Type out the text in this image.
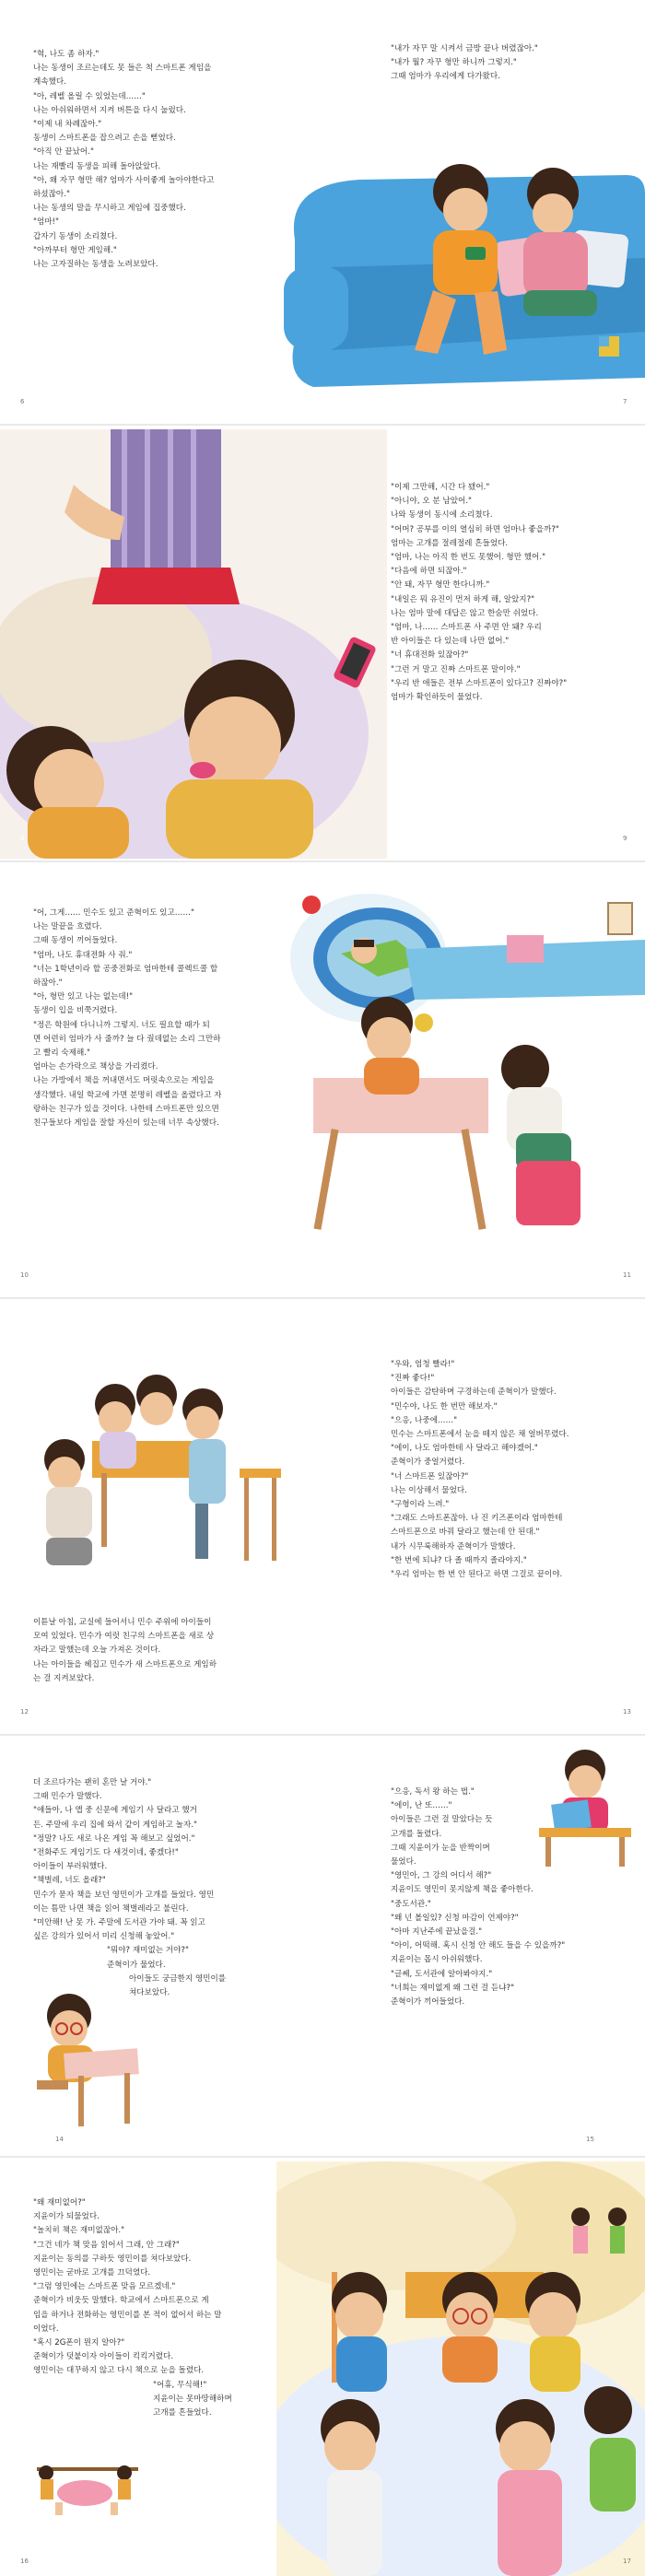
"헉, 나도 좀 하자."

나는 동생이 조르는데도 못 들은 척 스마트폰 게임을

계속했다.

"아, 레벨 올릴 수 있었는데……"

나는 아쉬워하면서 지켜 버튼을 다시 눌렀다.

"이제 내 차례잖아."

동생이 스마트폰을 잡으려고 손을 뻗었다.

"아직 안 끝났어."

나는 재빨리 동생을 피해 돌아앉았다.

"아, 왜 자꾸 형만 해? 엄마가 사이좋게 놀아야한다고

하셨잖아."

나는 동생의 말을 무시하고 게임에 집중했다.

"엄마!"

갑자기 동생이 소리쳤다.

"아까부터 형만 게임해."

나는 고자질하는 동생을 노려보았다.

"내가 자꾸 말 시켜서 금방 끝나 버렸잖아."

"내가 뭘? 자꾸 형만 하니까 그렇지."

그때 엄마가 우리에게 다가왔다.

6	7

"이제 그만해, 시간 다 됐어."

"아니야, 오 분 남았어."

나와 동생이 동시에 소리쳤다.

"어머? 공부를 이의 열심히 하면 엄마나 좋을까?"

엄마는 고개를 절레절레 흔들었다.

"엄마, 나는 아직 한 번도 못했어. 형만 했어."

"다음에 하면 되잖아."

"안 돼, 자꾸 형만 한다니까."

"내일은 뭐 유진이 먼저 하게 해, 알았지?"

나는 엄마 말에 대답은 않고 한숨만 쉬었다.

"엄마, 나…… 스마트폰 사 주면 안 돼? 우리

반 아이들은 다 있는데 나만 없어."

"너 휴대전화 있잖아?"

"그런 거 말고 진짜 스마트폰 말이야."

"우리 반 애들은 전부 스마트폰이 있다고? 진짜야?"

엄마가 확인하듯이 물었다.

8	9

"어, 그게…… 민수도 있고 준혁이도 있고……"

나는 말끝을 흐렸다.

그때 동생이 끼어들었다.

"엄마, 나도 휴대전화 사 줘."

"너는 1학년이라 할 공중전화로 엄마한테 콜렉트콜 할

하잖아."

"아, 형만 있고 나는 없는데!"

동생이 입을 비쭉거렸다.

"정은 학원에 다니니까 그렇지. 너도 필요할 때가 되

면 어련히 엄마가 사 줄까? 늘 다 줬데없는 소리 그만하

고 빨리 숙제해."

엄마는 손가락으로 책상을 가리켰다.

나는 가방에서 책을 꺼내면서도 머릿속으로는 게임을

생각했다. 내일 학교에 가면 분명히 레벨을 올렸다고 자

랑하는 친구가 있을 것이다. 나한테 스마트폰만 있으면

친구들보다 게임을 잘할 자신이 있는데 너무 속상했다.

10	11

이튿날 아침, 교실에 들어서니 민수 주위에 아이들이

모여 있었다. 민수가 여럿 친구의 스마트폰을 새로 상

자라고 말했는데 오늘 가져온 것이다.

나는 아이들을 헤집고 민수가 새 스마트폰으로 게임하

는 걸 지켜보았다.

"우와, 엄청 빨라!"

"진짜 좋다!"

아이들은 감탄하며 구경하는데 준혁이가 말했다.

"민수야, 나도 한 번만 해보자."

"으응, 나중에……"

민수는 스마트폰에서 눈을 떼지 않은 채 얼버무렸다.

"에이, 나도 엄마한테 사 달라고 해야겠어."

준혁이가 중얼거렸다.

"너 스마트폰 있잖아?"

나는 이상해서 물었다.

"구형이라 느려."

"그래도 스마트폰잖아. 나 진 키즈폰이라 엄마한테

스마트폰으로 바꿔 달라고 했는데 안 된대."

내가 시무룩해하자 준혁이가 말했다.

"한 번에 되냐? 다 졸 때까지 졸라야지."

"우리 엄마는 한 번 안 된다고 하면 그걸로 끝이야.

12	13

더 조르다가는 괜히 혼만 날 거야."

그때 민수가 말했다.

"얘들아, 나 앱 중 신문에 게임기 사 달라고 했거

든. 주말에 우리 집에 와서 같이 게임하고 놀자."

"정말? 나도 새로 나온 게임 꼭 해보고 싶었어."

"전화주도 게임기도 다 새것이네, 좋겠다!"

아이들이 부러워했다.

"책벌레, 너도 올래?"

민수가 묻자 책을 보던 영민이가 고개를 들었다. 영민

이는 틈만 나면 책을 읽어 책벌레라고 불린다.

"미안해! 난 못 가. 주말에 도서관 가야 돼. 꼭 읽고

싶은 강의가 있어서 미리 신청해 놓았어."

"뭐야? 재미없는 거야?"

준혁이가 물었다.

아이들도 궁금한지 영민이를

쳐다보았다.

"으응, 독서 왕 하는 법."

"에이, 난 또……"

아이들은 그런 걸 말았다는 듯

고개를 돌렸다.

그때 지윤이가 눈을 반짝이며

물었다.

"영민아, 그 강의 어디서 해?"

지윤이도 영민이 못지않게 책을 좋아한다.

"중도서관."

"왜 넌 볼일있? 신청 마감이 언제야?"

"아마 지난주에 끝났을걸."

"아이, 어떡해. 혹시 신청 안 해도 들을 수 있을까?"

지윤이는 몹시 아쉬워했다.

"글쎄, 도서관에 알아봐야지."

"너희는 재미없게 왜 그런 걸 듣냐?"

준혁이가 끼어들었다.

14	15

"왜 재미없어?"

지윤이가 되물었다.

"놀치히 책은 재미없잖아."

"그건 네가 책 맞음 읽어서 그래, 안 그래?"

지윤이는 동의를 구하듯 영민이를 쳐다보았다.

영민이는 굳바로 고개를 끄덕였다.

"그럼 영민에는 스마트폰 맞음 모르겠네."

준혁이가 비웃듯 말했다. 학교에서 스마트폰으로 게

임을 하거나 전화하는 영민이를 본 적이 없어서 하는 말

이었다.

"혹시 2G폰이 뭔지 알아?"

준혁이가 덧붙이자 아이들이 킥킥거렸다.

영민이는 대꾸하지 않고 다시 책으로 눈을 돌렸다.

"어휴, 무식해!"

지윤이는 못마땅해하며

고개를 흔들었다.

16	17
